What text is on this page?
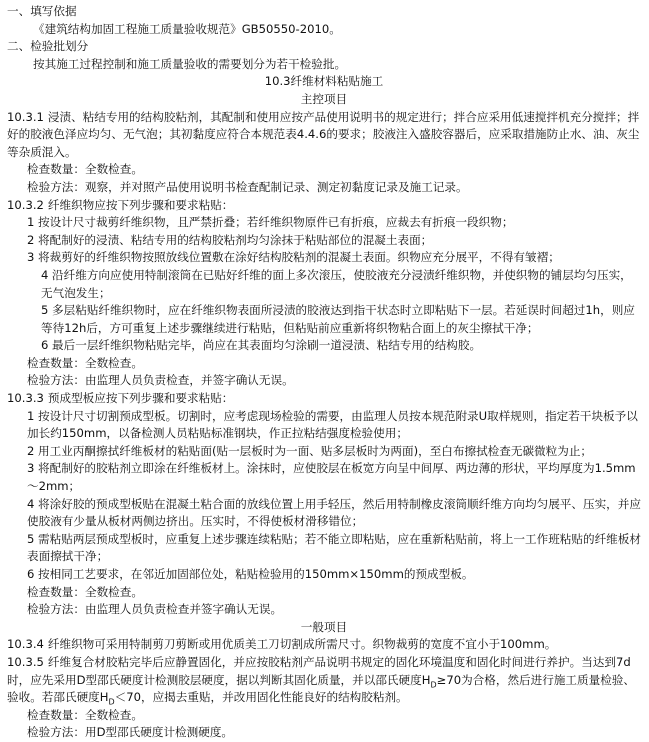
一、填写依据
《建筑结构加固工程施工质量验收规范》GB50550-2010。
二、检验批划分
按其施工过程控制和施工质量验收的需要划分为若干检验批。
10.3纤维材料粘贴施工
主控项目
10.3.1 浸渍、粘结专用的结构胶粘剂，其配制和使用应按产品使用说明书的规定进行；拌合应采用低速搅拌机充分搅拌；拌好的胶液色泽应均匀、无气泡；其初黏度应符合本规范表4.4.6的要求；胶液注入盛胶容器后，应采取措施防止水、油、灰尘等杂质混入。
检查数量：全数检查。
检验方法：观察，并对照产品使用说明书检查配制记录、测定初黏度记录及施工记录。
10.3.2 纤维织物应按下列步骤和要求粘贴：
1 按设计尺寸裁剪纤维织物，且严禁折叠；若纤维织物原件已有折痕，应裁去有折痕一段织物；
2 将配制好的浸渍、粘结专用的结构胶粘剂均匀涂抹于粘贴部位的混凝土表面；
3 将裁剪好的纤维织物按照放线位置敷在涂好结构胶粘剂的混凝土表面。织物应充分展平，不得有皱褶；
4 沿纤维方向应使用特制滚筒在已贴好纤维的面上多次滚压，使胶液充分浸渍纤维织物，并使织物的铺层均匀压实，无气泡发生；
5 多层粘贴纤维织物时，应在纤维织物表面所浸渍的胶液达到指干状态时立即粘贴下一层。若延误时间超过1h，则应等待12h后，方可重复上述步骤继续进行粘贴，但粘贴前应重新将织物粘合面上的灰尘擦拭干净；
6 最后一层纤维织物粘贴完毕，尚应在其表面均匀涂刷一道浸渍、粘结专用的结构胶。
检查数量：全数检查。
检验方法：由监理人员负责检查，并签字确认无误。
10.3.3 预成型板应按下列步骤和要求粘贴：
1 按设计尺寸切割预成型板。切割时，应考虑现场检验的需要，由监理人员按本规范附录U取样规则，指定若干块板予以加长约150mm，以备检测人员粘贴标准钢块，作正拉粘结强度检验使用；
2 用工业丙酮擦拭纤维板材的粘贴面(贴一层板时为一面、贴多层板时为两面)，至白布擦拭检查无碳微粒为止；
3 将配制好的胶粘剂立即涂在纤维板材上。涂抹时，应使胶层在板宽方向呈中间厚、两边薄的形状，平均厚度为1.5mm～2mm；
4 将涂好胶的预成型板贴在混凝土粘合面的放线位置上用手轻压，然后用特制橡皮滚筒顺纤维方向均匀展平、压实，并应使胶液有少量从板材两侧边挤出。压实时，不得使板材滑移错位；
5 需粘贴两层预成型板时，应重复上述步骤连续粘贴；若不能立即粘贴，应在重新粘贴前，将上一工作班粘贴的纤维板材表面擦拭干净；
6 按相同工艺要求，在邻近加固部位处，粘贴检验用的150mm×150mm的预成型板。
检查数量：全数检查。
检验方法：由监理人员负责检查并签字确认无误。
一般项目
10.3.4 纤维织物可采用特制剪刀剪断或用优质美工刀切割成所需尺寸。织物裁剪的宽度不宜小于100mm。
10.3.5 纤维复合材胶粘完毕后应静置固化，并应按胶粘剂产品说明书规定的固化环境温度和固化时间进行养护。当达到7d时，应先采用D型邵氏硬度计检测胶层硬度，据以判断其固化质量，并以邵氏硬度$H_D\ge 70$为合格，然后进行施工质量检验、验收。若邵氏硬度$H_D<70$，应揭去重贴，并改用固化性能良好的结构胶粘剂。
检查数量：全数检查。
检验方法：用D型邵氏硬度计检测硬度。
